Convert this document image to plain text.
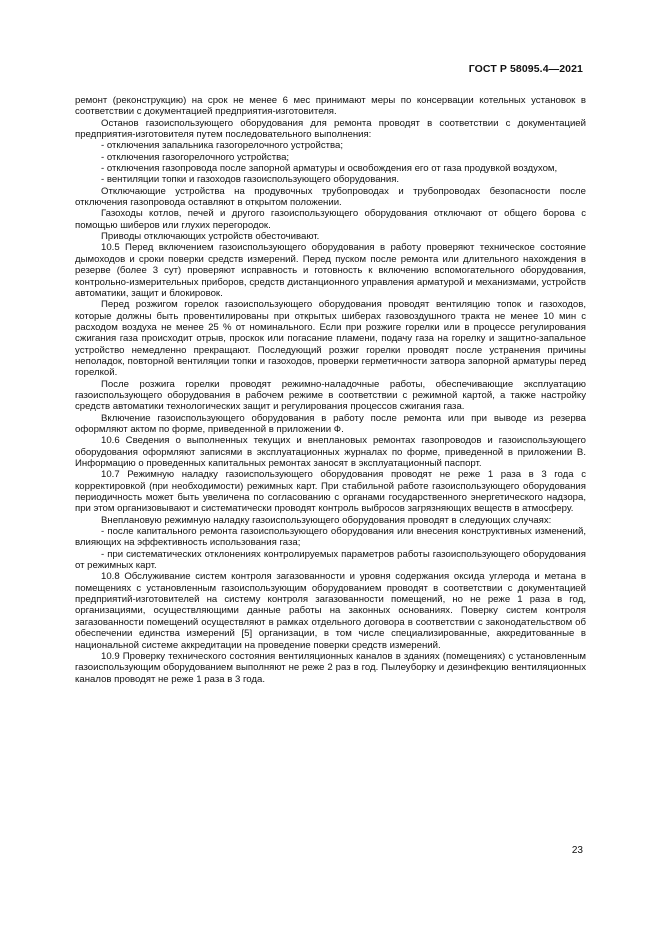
ГОСТ Р 58095.4—2021

ремонт (реконструкцию) на срок не менее 6 мес принимают меры по консервации котельных установок в соответствии с документацией предприятия-изготовителя.

Останов газоиспользующего оборудования для ремонта проводят в соответствии с документацией предприятия-изготовителя путем последовательного выполнения:

- отключения запальника газогорелочного устройства;

- отключения газогорелочного устройства;

- отключения газопровода после запорной арматуры и освобождения его от газа продувкой воздухом,

- вентиляции топки и газоходов газоиспользующего оборудования.

Отключающие устройства на продувочных трубопроводах и трубопроводах безопасности после отключения газопровода оставляют в открытом положении.

Газоходы котлов, печей и другого газоиспользующего оборудования отключают от общего борова с помощью шиберов или глухих перегородок.

Приводы отключающих устройств обесточивают.

10.5 Перед включением газоиспользующего оборудования в работу проверяют техническое состояние дымоходов и сроки поверки средств измерений. Перед пуском после ремонта или длительного нахождения в резерве (более 3 сут) проверяют исправность и готовность к включению вспомогательного оборудования, контрольно-измерительных приборов, средств дистанционного управления арматурой и механизмами, устройств автоматики, защит и блокировок.

Перед розжигом горелок газоиспользующего оборудования проводят вентиляцию топок и газоходов, которые должны быть провентилированы при открытых шиберах газовоздушного тракта не менее 10 мин с расходом воздуха не менее 25 % от номинального. Если при розжиге горелки или в процессе регулирования сжигания газа происходит отрыв, проскок или погасание пламени, подачу газа на горелку и защитно-запальное устройство немедленно прекращают. Последующий розжиг горелки проводят после устранения причины неполадок, повторной вентиляции топки и газоходов, проверки герметичности затвора запорной арматуры перед горелкой.

После розжига горелки проводят режимно-наладочные работы, обеспечивающие эксплуатацию газоиспользующего оборудования в рабочем режиме в соответствии с режимной картой, а также настройку средств автоматики технологических защит и регулирования процессов сжигания газа.

Включение газоиспользующего оборудования в работу после ремонта или при выводе из резерва оформляют актом по форме, приведенной в приложении Ф.

10.6 Сведения о выполненных текущих и внеплановых ремонтах газопроводов и газоиспользующего оборудования оформляют записями в эксплуатационных журналах по форме, приведенной в приложении В. Информацию о проведенных капитальных ремонтах заносят в эксплуатационный паспорт.

10.7 Режимную наладку газоиспользующего оборудования проводят не реже 1 раза в 3 года с корректировкой (при необходимости) режимных карт. При стабильной работе газоиспользующего оборудования периодичность может быть увеличена по согласованию с органами государственного энергетического надзора, при этом организовывают и систематически проводят контроль выбросов загрязняющих веществ в атмосферу.

Внеплановую режимную наладку газоиспользующего оборудования проводят в следующих случаях:

- после капитального ремонта газоиспользующего оборудования или внесения конструктивных изменений, влияющих на эффективность использования газа;

- при систематических отклонениях контролируемых параметров работы газоиспользующего оборудования от режимных карт.

10.8 Обслуживание систем контроля загазованности и уровня содержания оксида углерода и метана в помещениях с установленным газоиспользующим оборудованием проводят в соответствии с документацией предприятий-изготовителей на систему контроля загазованности помещений, но не реже 1 раза в год, организациями, осуществляющими данные работы на законных основаниях. Поверку систем контроля загазованности помещений осуществляют в рамках отдельного договора в соответствии с законодательством об обеспечении единства измерений [5] организации, в том числе специализированные, аккредитованные в национальной системе аккредитации на проведение поверки средств измерений.

10.9 Проверку технического состояния вентиляционных каналов в зданиях (помещениях) с установленным газоиспользующим оборудованием выполняют не реже 2 раз в год. Пылеуборку и дезинфекцию вентиляционных каналов проводят не реже 1 раза в 3 года.

23
